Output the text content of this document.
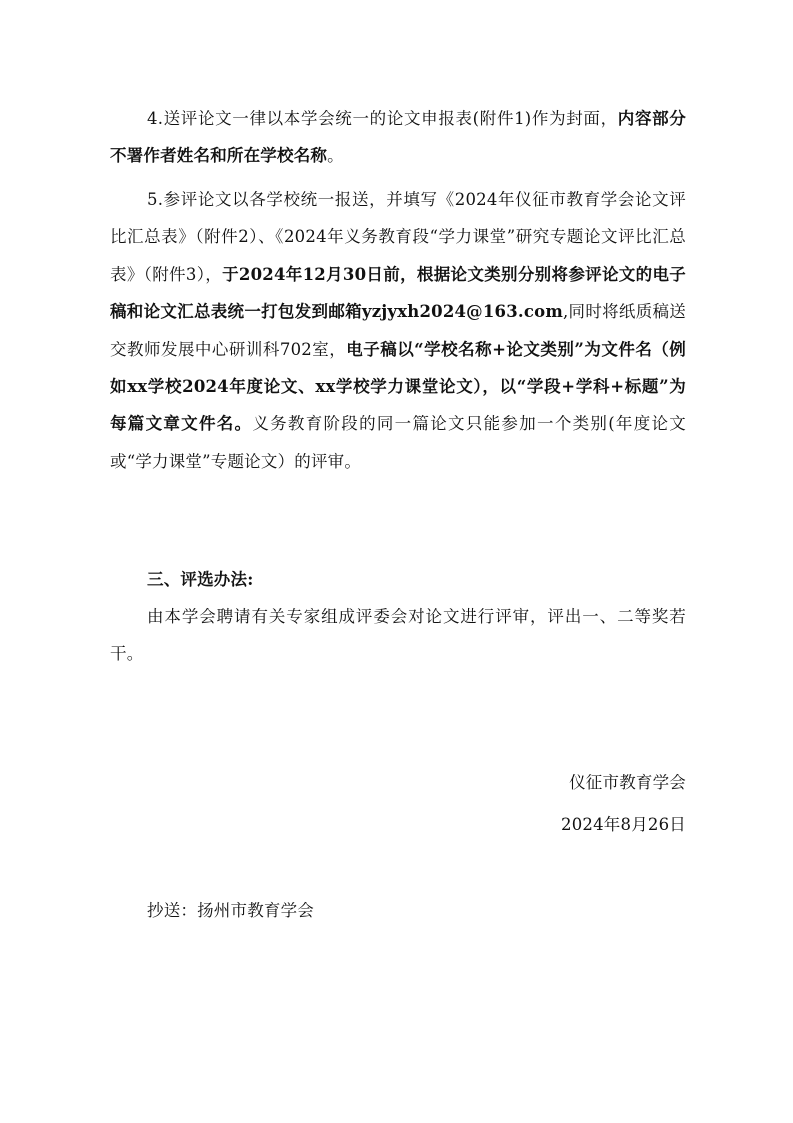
4.送评论文一律以本学会统一的论文申报表(附件1)作为封面，内容部分不署作者姓名和所在学校名称。

5.参评论文以各学校统一报送，并填写《2024年仪征市教育学会论文评比汇总表》（附件2）、《2024年义务教育段“学力课堂”研究专题论文评比汇总表》（附件3），于2024年12月30日前，根据论文类别分别将参评论文的电子稿和论文汇总表统一打包发到邮箱yzjyxh2024@163.com,同时将纸质稿送交教师发展中心研训科702室，电子稿以“学校名称+论文类别”为文件名（例如xx学校2024年度论文、xx学校学力课堂论文），以“学段+学科+标题”为每篇文章文件名。义务教育阶段的同一篇论文只能参加一个类别(年度论文或“学力课堂”专题论文）的评审。

三、评选办法:

由本学会聘请有关专家组成评委会对论文进行评审，评出一、二等奖若干。

仪征市教育学会

2024年8月26日

抄送：扬州市教育学会
